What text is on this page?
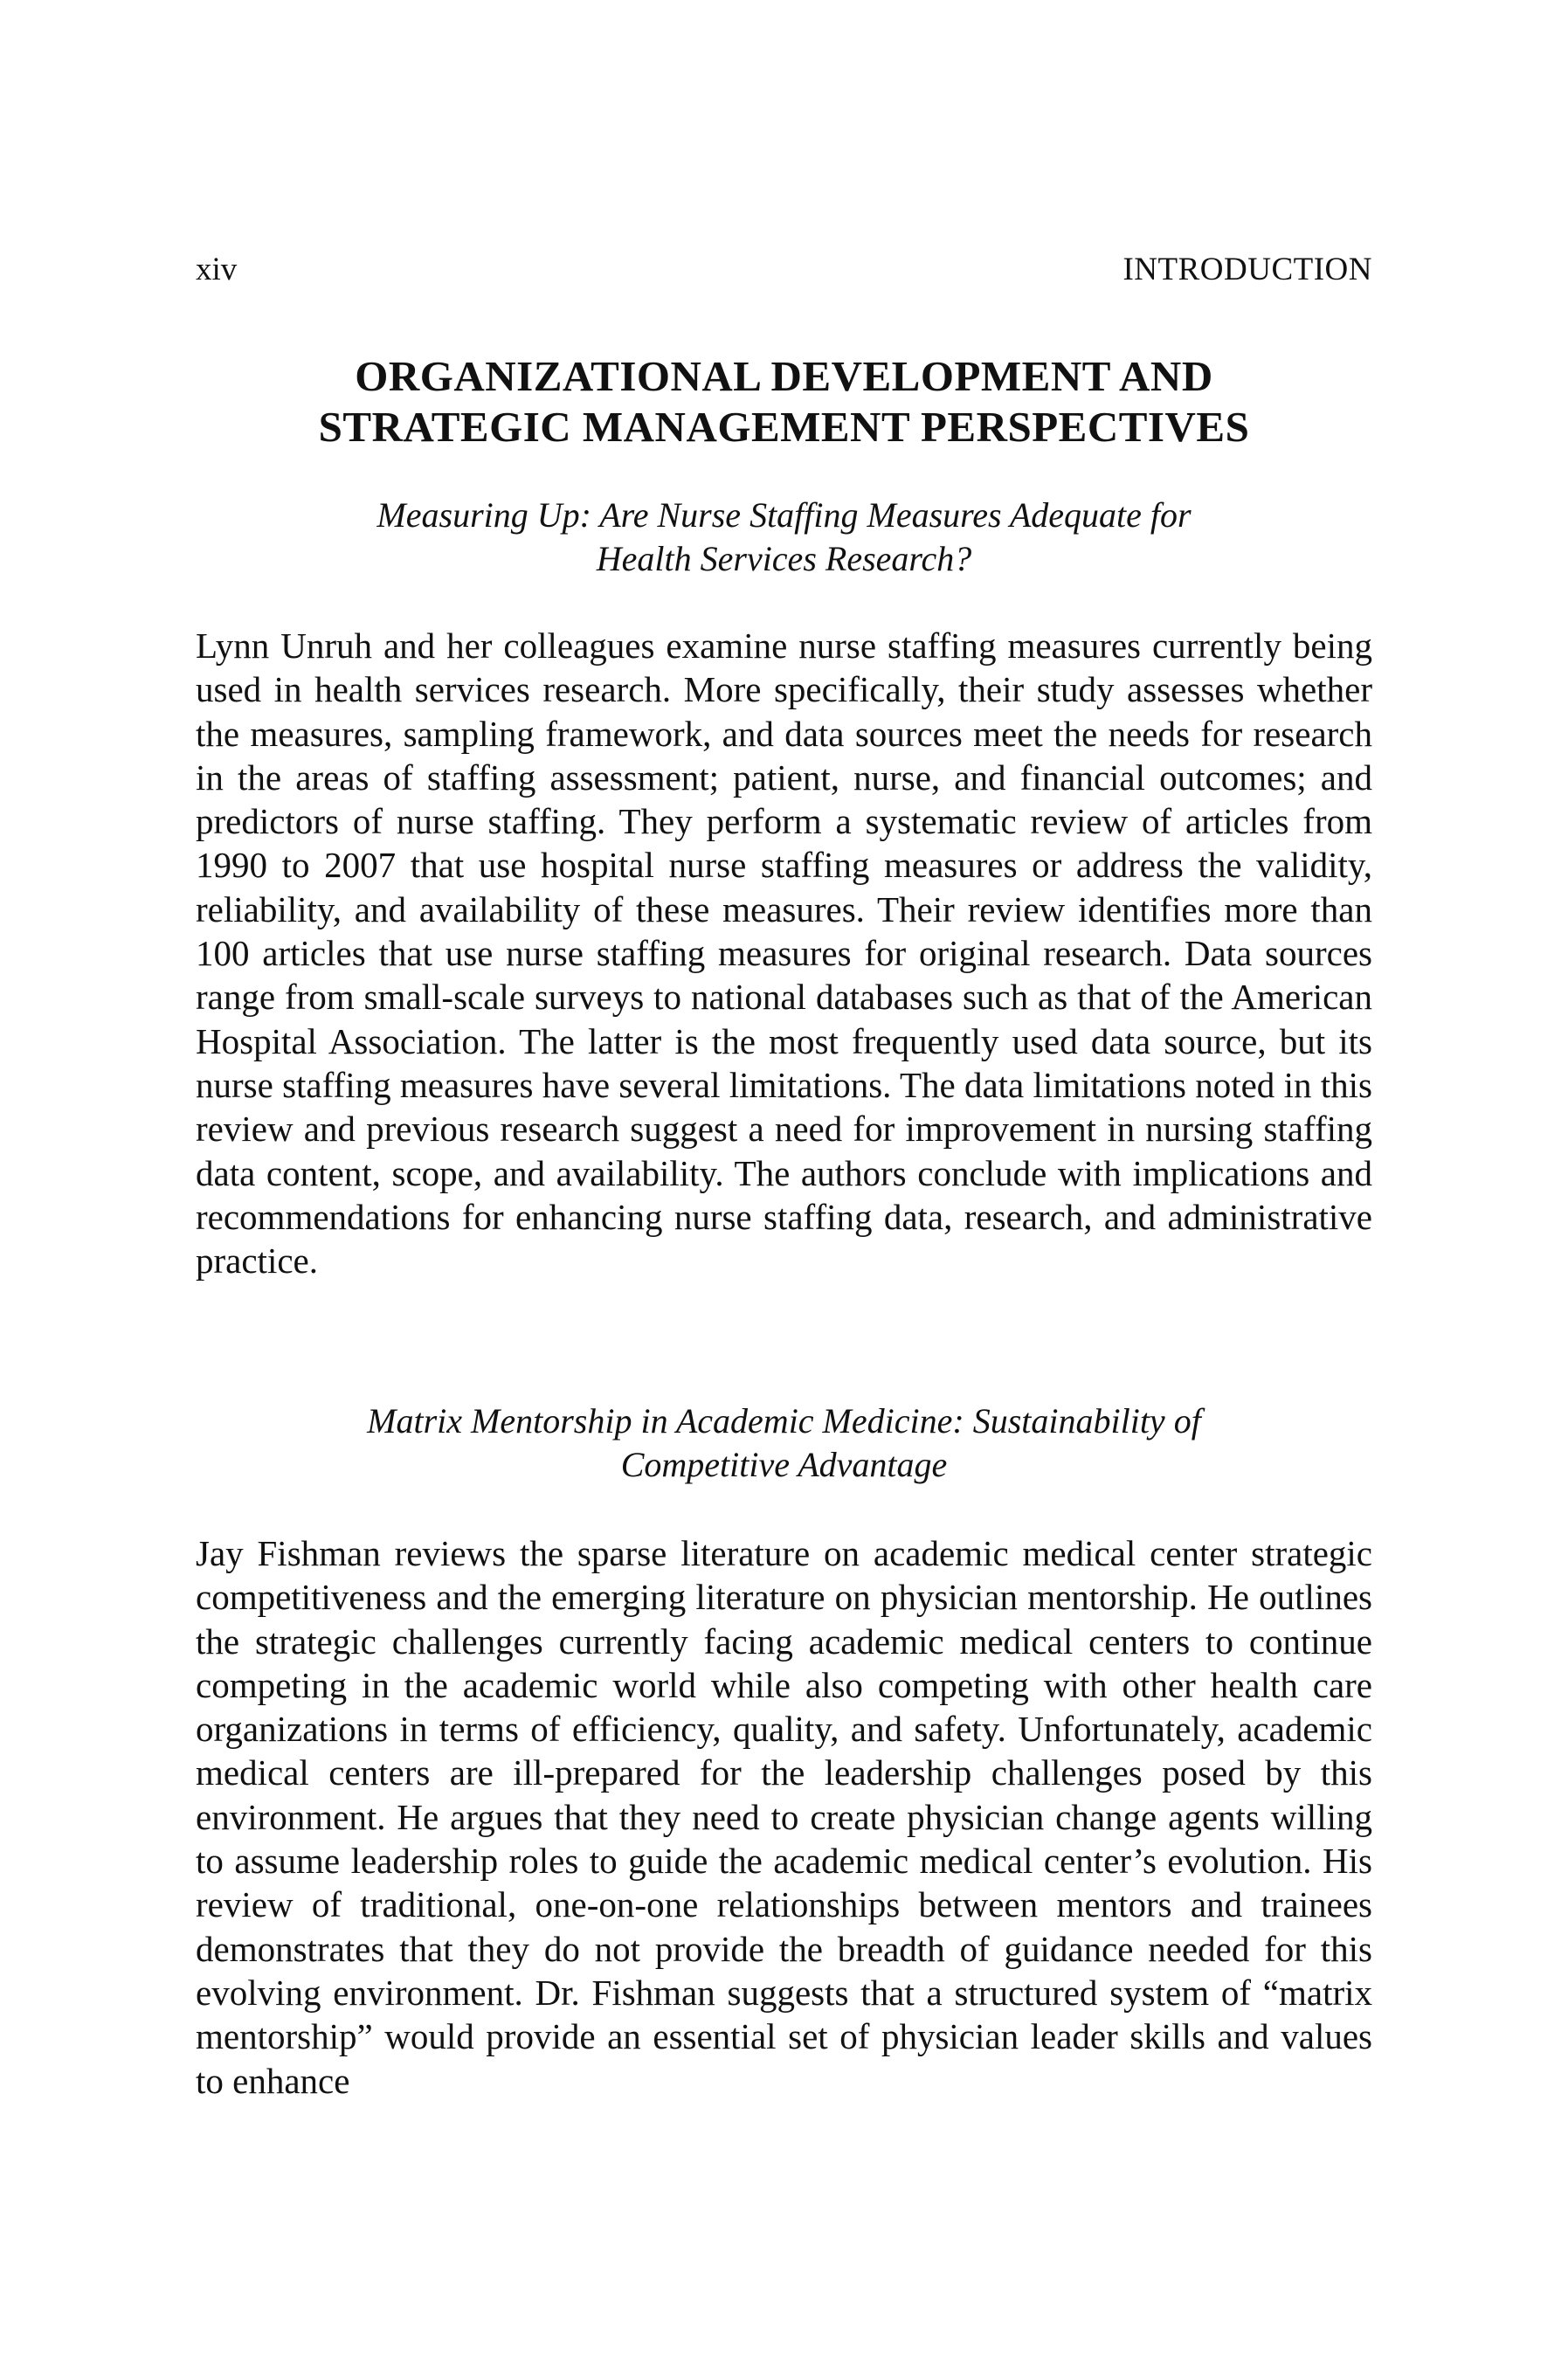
xiv	INTRODUCTION
ORGANIZATIONAL DEVELOPMENT AND
STRATEGIC MANAGEMENT PERSPECTIVES
Measuring Up: Are Nurse Staffing Measures Adequate for
Health Services Research?

Lynn Unruh and her colleagues examine nurse staffing measures currently being used in health services research. More specifically, their study assesses whether the measures, sampling framework, and data sources meet the needs for research in the areas of staffing assessment; patient, nurse, and financial outcomes; and predictors of nurse staffing. They perform a systematic review of articles from 1990 to 2007 that use hospital nurse staffing measures or address the validity, reliability, and availability of these measures. Their review identifies more than 100 articles that use nurse staffing measures for original research. Data sources range from small-scale surveys to national databases such as that of the American Hospital Association. The latter is the most frequently used data source, but its nurse staffing measures have several limitations. The data limitations noted in this review and previous research suggest a need for improvement in nursing staffing data content, scope, and availability. The authors conclude with implications and recommendations for enhancing nurse staffing data, research, and administrative practice.

Matrix Mentorship in Academic Medicine: Sustainability of
Competitive Advantage

Jay Fishman reviews the sparse literature on academic medical center strategic competitiveness and the emerging literature on physician mentorship. He outlines the strategic challenges currently facing academic medical centers to continue competing in the academic world while also competing with other health care organizations in terms of efficiency, quality, and safety. Unfortunately, academic medical centers are ill-prepared for the leadership challenges posed by this environment. He argues that they need to create physician change agents willing to assume leadership roles to guide the academic medical center’s evolution. His review of traditional, one-on-one relationships between mentors and trainees demonstrates that they do not provide the breadth of guidance needed for this evolving environment. Dr. Fishman suggests that a structured system of “matrix mentorship” would provide an essential set of physician leader skills and values to enhance
